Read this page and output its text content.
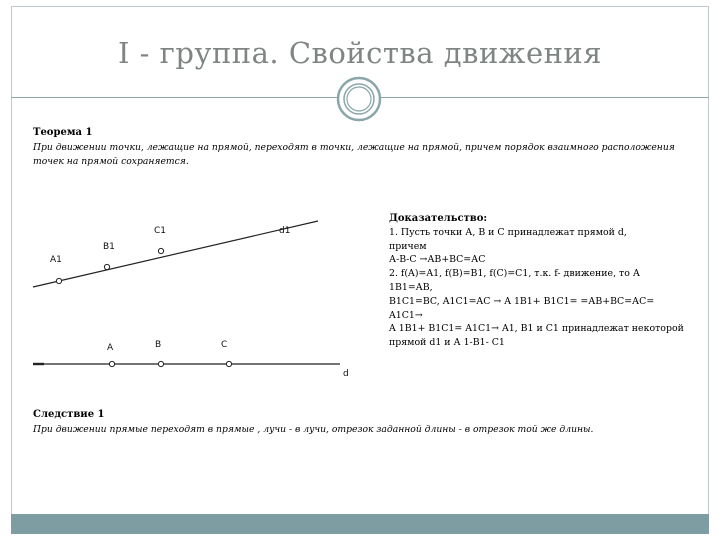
I - группа. Свойства движения
Теорема 1
При движении точки, лежащие на прямой, переходят в точки, лежащие на прямой, причем порядок взаимного расположения точек на прямой сохраняется.
A1
B1
C1	d1
A	B	C
d
Доказательство:
1. Пусть точки А, В и С принадлежат прямой d,
причем
А-В-С →АВ+ВС=АС
2. f(A)=A1, f(B)=B1, f(C)=C1, т.к. f- движение, то А
1B1=АВ,
B1C1=BC, A1C1=AC → A 1B1+ B1C1= =АВ+ВС=АС=
A1C1→
A 1B1+ B1C1= A1C1→ A1, B1 и C1 принадлежат некоторой
прямой d1 и А 1-В1- С1
Следствие 1
При движении прямые переходят в прямые , лучи - в лучи, отрезок заданной длины - в отрезок той же длины.
